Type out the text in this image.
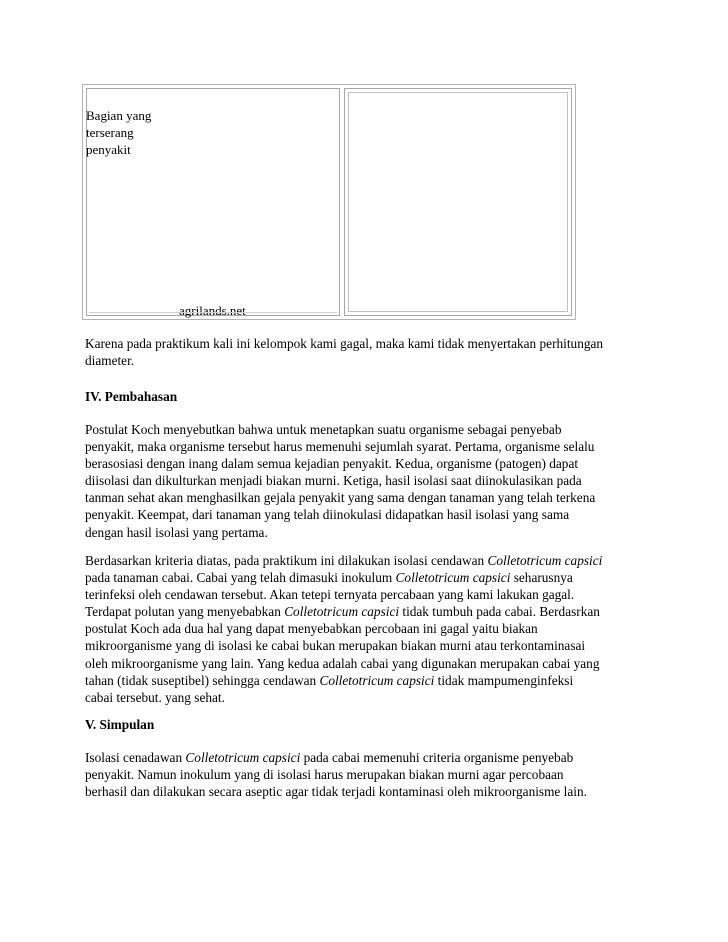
Bagian yang
terserang
penyakit
agrilands.net
Karena pada praktikum kali ini kelompok kami gagal, maka kami tidak menyertakan perhitungan
diameter.
IV. Pembahasan
Postulat Koch menyebutkan bahwa untuk menetapkan suatu organisme sebagai penyebab
penyakit, maka organisme tersebut harus memenuhi sejumlah syarat. Pertama, organisme selalu
berasosiasi dengan inang dalam semua kejadian penyakit. Kedua, organisme (patogen) dapat
diisolasi dan dikulturkan menjadi biakan murni. Ketiga, hasil isolasi saat diinokulasikan pada
tanman sehat akan menghasilkan gejala penyakit yang sama dengan tanaman yang telah terkena
penyakit. Keempat, dari tanaman yang telah diinokulasi didapatkan hasil isolasi yang sama
dengan hasil isolasi yang pertama.
Berdasarkan kriteria diatas, pada praktikum ini dilakukan isolasi cendawan Colletotricum capsici
pada tanaman cabai. Cabai yang telah dimasuki inokulum Colletotricum capsici seharusnya
terinfeksi oleh cendawan tersebut. Akan tetepi ternyata percabaan yang kami lakukan gagal.
Terdapat polutan yang menyebabkan Colletotricum capsici tidak tumbuh pada cabai. Berdasrkan
postulat Koch ada dua hal yang dapat menyebabkan percobaan ini gagal yaitu biakan
mikroorganisme yang di isolasi ke cabai bukan merupakan biakan murni atau terkontaminasai
oleh mikroorganisme yang lain. Yang kedua adalah cabai yang digunakan merupakan cabai yang
tahan (tidak suseptibel) sehingga cendawan Colletotricum capsici tidak mampumenginfeksi
cabai tersebut. yang sehat.
V. Simpulan
Isolasi cenadawan Colletotricum capsici pada cabai memenuhi criteria organisme penyebab
penyakit. Namun inokulum yang di isolasi harus merupakan biakan murni agar percobaan
berhasil dan dilakukan secara aseptic agar tidak terjadi kontaminasi oleh mikroorganisme lain.
